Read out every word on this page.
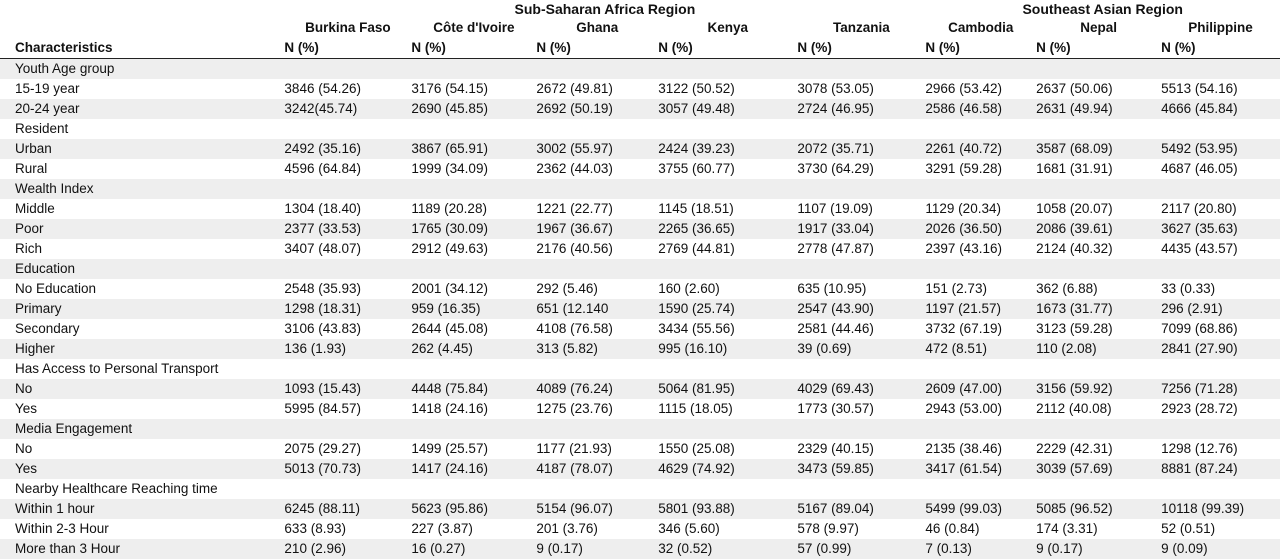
	Sub-Saharan Africa Region					Southeast Asian Region		
	Burkina Faso	Côte d'Ivoire	Ghana	Kenya	Tanzania	Cambodia	Nepal	Philippine
Characteristics	N (%)	N (%)	N (%)	N (%)	N (%)	N (%)	N (%)	N (%)
Youth Age group								
15-19 year	3846 (54.26)	3176 (54.15)	2672 (49.81)	3122 (50.52)	3078 (53.05)	2966 (53.42)	2637 (50.06)	5513 (54.16)
20-24 year	3242(45.74)	2690 (45.85)	2692 (50.19)	3057 (49.48)	2724 (46.95)	2586 (46.58)	2631 (49.94)	4666 (45.84)
Resident								
Urban	2492 (35.16)	3867 (65.91)	3002 (55.97)	2424 (39.23)	2072 (35.71)	2261 (40.72)	3587 (68.09)	5492 (53.95)
Rural	4596 (64.84)	1999 (34.09)	2362 (44.03)	3755 (60.77)	3730 (64.29)	3291 (59.28)	1681 (31.91)	4687 (46.05)
Wealth Index								
Middle	1304 (18.40)	1189 (20.28)	1221 (22.77)	1145 (18.51)	1107 (19.09)	1129 (20.34)	1058 (20.07)	2117 (20.80)
Poor	2377 (33.53)	1765 (30.09)	1967 (36.67)	2265 (36.65)	1917 (33.04)	2026 (36.50)	2086 (39.61)	3627 (35.63)
Rich	3407 (48.07)	2912 (49.63)	2176 (40.56)	2769 (44.81)	2778 (47.87)	2397 (43.16)	2124 (40.32)	4435 (43.57)
Education								
No Education	2548 (35.93)	2001 (34.12)	292 (5.46)	160 (2.60)	635 (10.95)	151 (2.73)	362 (6.88)	33 (0.33)
Primary	1298 (18.31)	959 (16.35)	651 (12.140	1590 (25.74)	2547 (43.90)	1197 (21.57)	1673 (31.77)	296 (2.91)
Secondary	3106 (43.83)	2644 (45.08)	4108 (76.58)	3434 (55.56)	2581 (44.46)	3732 (67.19)	3123 (59.28)	7099 (68.86)
Higher	136 (1.93)	262 (4.45)	313 (5.82)	995 (16.10)	39 (0.69)	472 (8.51)	110 (2.08)	2841 (27.90)
Has Access to Personal Transport								
No	1093 (15.43)	4448 (75.84)	4089 (76.24)	5064 (81.95)	4029 (69.43)	2609 (47.00)	3156 (59.92)	7256 (71.28)
Yes	5995 (84.57)	1418 (24.16)	1275 (23.76)	1115 (18.05)	1773 (30.57)	2943 (53.00)	2112 (40.08)	2923 (28.72)
Media Engagement								
No	2075 (29.27)	1499 (25.57)	1177 (21.93)	1550 (25.08)	2329 (40.15)	2135 (38.46)	2229 (42.31)	1298 (12.76)
Yes	5013 (70.73)	1417 (24.16)	4187 (78.07)	4629 (74.92)	3473 (59.85)	3417 (61.54)	3039 (57.69)	8881 (87.24)
Nearby Healthcare Reaching time								
Within 1 hour	6245 (88.11)	5623 (95.86)	5154 (96.07)	5801 (93.88)	5167 (89.04)	5499 (99.03)	5085 (96.52)	10118 (99.39)
Within 2-3 Hour	633 (8.93)	227 (3.87)	201 (3.76)	346 (5.60)	578 (9.97)	46 (0.84)	174 (3.31)	52 (0.51)
More than 3 Hour	210 (2.96)	16 (0.27)	9 (0.17)	32 (0.52)	57 (0.99)	7 (0.13)	9 (0.17)	9 (0.09)
